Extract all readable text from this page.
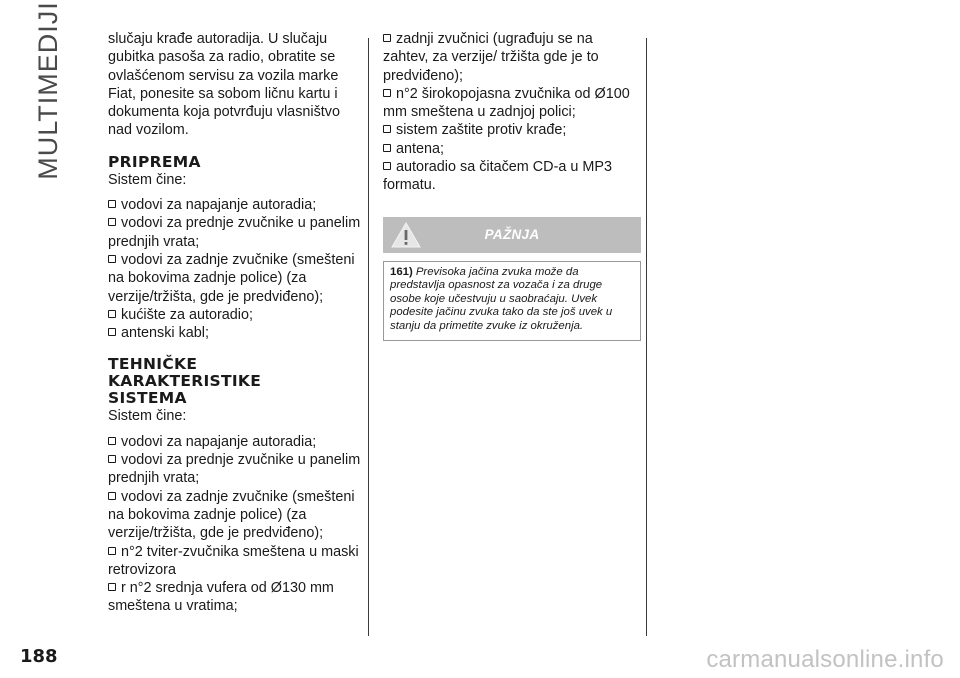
MULTIMEDIJI	slučaju krađe autoradija. U slučaju gubitka pasoša za radio, obratite se ovlašćenom servisu za vozila marke Fiat, ponesite sa sobom ličnu kartu i dokumenta koja potvrđuju vlasništvo nad vozilom.

PRIPREMA

Sistem čine:

vodovi za napajanje autoradia;
vodovi za prednje zvučnike u panelim prednjih vrata;
vodovi za zadnje zvučnike (smešteni na bokovima zadnje police) (za verzije/tržišta, gde je predviđeno);
kućište za autoradio;
antenski kabl;
TEHNIČKE KARAKTERISTIKE SISTEMA

Sistem čine:

vodovi za napajanje autoradia;
vodovi za prednje zvučnike u panelim prednjih vrata;
vodovi za zadnje zvučnike (smešteni na bokovima zadnje police) (za verzije/tržišta, gde je predviđeno);
n°2 tviter-zvučnika smeštena u maski retrovizora
r n°2 srednja vufera od Ø130 mm smeštena u vratima;
zadnji zvučnici (ugrađuju se na zahtev, za verzije/ tržišta gde je to predviđeno);
n°2 širokopojasna zvučnika od Ø100 mm smeštena u zadnjoj polici;
sistem zaštite protiv krađe;
antena;
autoradio sa čitačem CD-a u MP3 formatu.
PAŽNJA
161) Previsoka jačina zvuka može da predstavlja opasnost za vozača i za druge osobe koje učestvuju u saobraćaju. Uvek podesite jačinu zvuka tako da ste još uvek u stanju da primetite zvuke iz okruženja.
188	carmanualsonline.info
